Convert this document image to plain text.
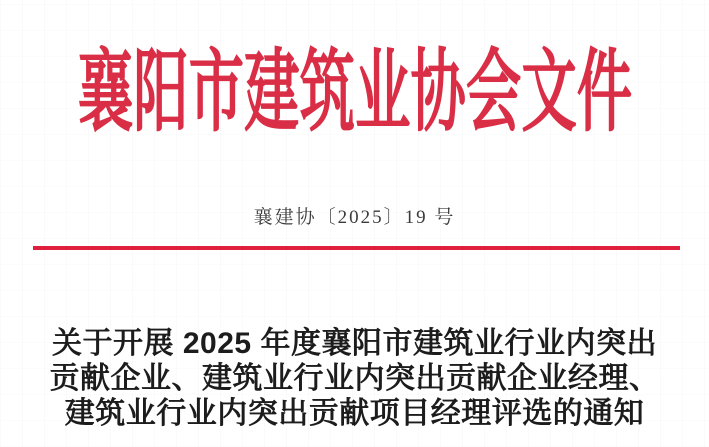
襄阳市建筑业协会文件
襄建协〔2025〕19 号
关于开展 2025 年度襄阳市建筑业行业内突出
贡献企业、建筑业行业内突出贡献企业经理、
建筑业行业内突出贡献项目经理评选的通知
